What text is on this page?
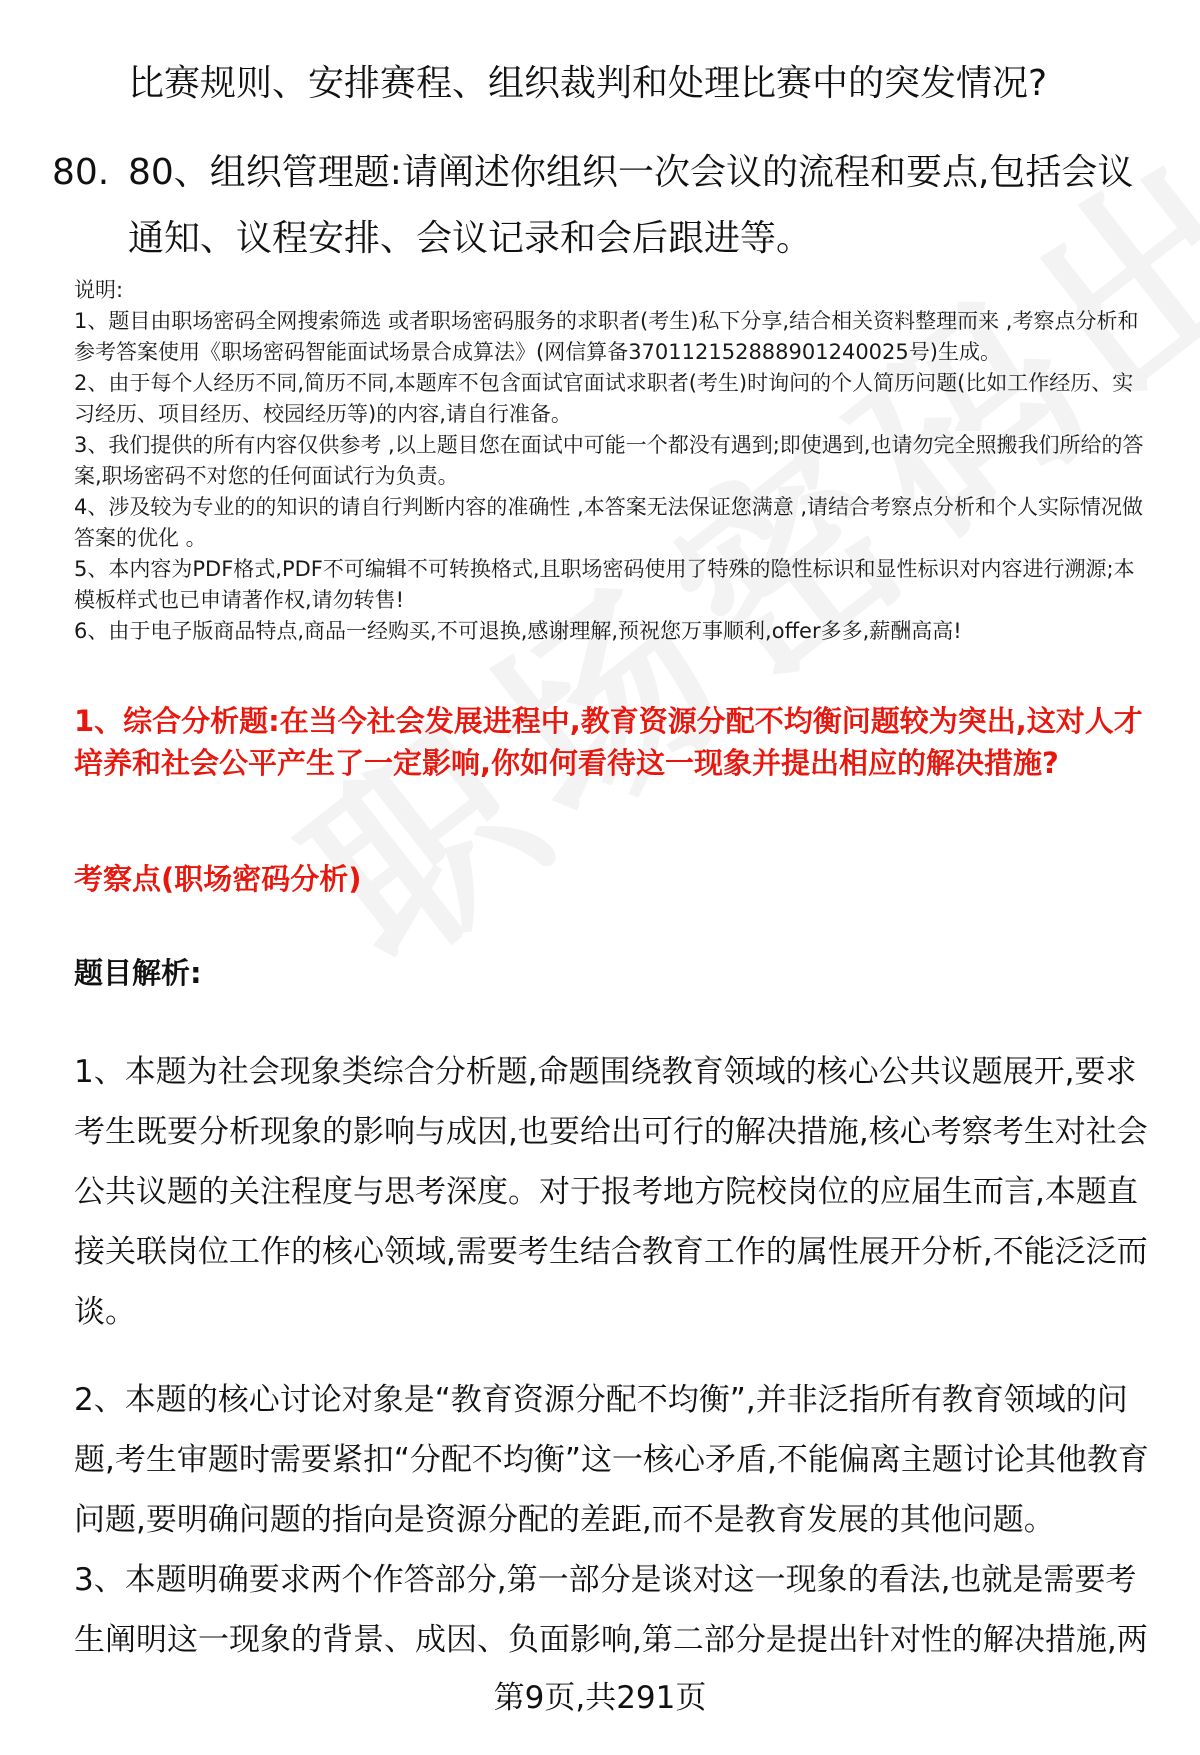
比赛规则、安排赛程、组织裁判和处理比赛中的突发情况?
80. 80、组织管理题:请阐述你组织一次会议的流程和要点,包括会议通知、议程安排、会议记录和会后跟进等。

说明:

1、题目由职场密码全网搜索筛选 或者职场密码服务的求职者(考生)私下分享,结合相关资料整理而来 ,考察点分析和参考答案使用《职场密码智能面试场景合成算法》(网信算备370112152888901240025号)生成。

2、由于每个人经历不同,简历不同,本题库不包含面试官面试求职者(考生)时询问的个人简历问题(比如工作经历、实习经历、项目经历、校园经历等)的内容,请自行准备。

3、我们提供的所有内容仅供参考 ,以上题目您在面试中可能一个都没有遇到;即使遇到,也请勿完全照搬我们所给的答案,职场密码不对您的任何面试行为负责。

4、涉及较为专业的的知识的请自行判断内容的准确性 ,本答案无法保证您满意 ,请结合考察点分析和个人实际情况做答案的优化 。

5、本内容为PDF格式,PDF不可编辑不可转换格式,且职场密码使用了特殊的隐性标识和显性标识对内容进行溯源;本模板样式也已申请著作权,请勿转售!

6、由于电子版商品特点,商品一经购买,不可退换,感谢理解,预祝您万事顺利,offer多多,薪酬高高!

1、综合分析题:在当今社会发展进程中,教育资源分配不均衡问题较为突出,这对人才培养和社会公平产生了一定影响,你如何看待这一现象并提出相应的解决措施?
考察点(职场密码分析)
题目解析:
1、本题为社会现象类综合分析题,命题围绕教育领域的核心公共议题展开,要求考生既要分析现象的影响与成因,也要给出可行的解决措施,核心考察考生对社会公共议题的关注程度与思考深度。对于报考地方院校岗位的应届生而言,本题直接关联岗位工作的核心领域,需要考生结合教育工作的属性展开分析,不能泛泛而谈。
2、本题的核心讨论对象是“教育资源分配不均衡”,并非泛指所有教育领域的问题,考生审题时需要紧扣“分配不均衡”这一核心矛盾,不能偏离主题讨论其他教育问题,要明确问题的指向是资源分配的差距,而不是教育发展的其他问题。
3、本题明确要求两个作答部分,第一部分是谈对这一现象的看法,也就是需要考生阐明这一现象的背景、成因、负面影响,第二部分是提出针对性的解决措施,两
第9页,共291页
